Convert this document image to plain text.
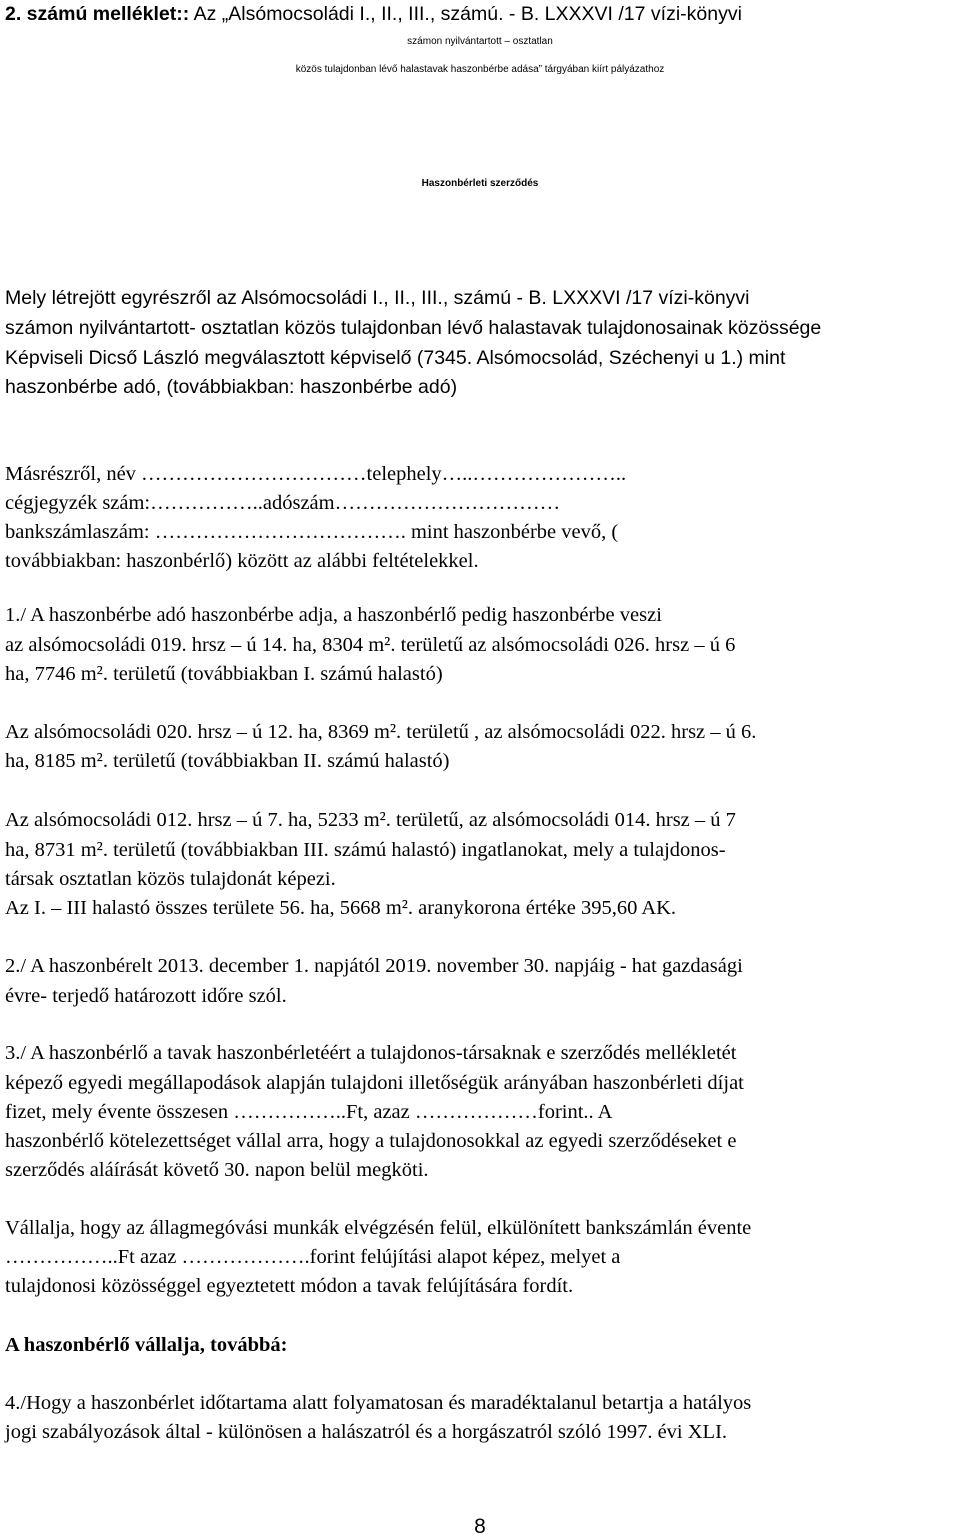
2. számú melléklet:: Az „Alsómocsoládi I., II., III., számú. - B. LXXXVI /17 vízi-könyvi
számon nyilvántartott – osztatlan
közös tulajdonban lévő halastavak haszonbérbe adása” tárgyában kiírt pályázathoz
Haszonbérleti szerződés
Mely létrejött egyrészről az Alsómocsoládi I., II., III., számú - B. LXXXVI /17 vízi-könyvi
számon nyilvántartott- osztatlan közös tulajdonban lévő halastavak tulajdonosainak közössége
Képviseli Dicső László megválasztott képviselő (7345. Alsómocsolád, Széchenyi u 1.) mint
haszonbérbe adó, (továbbiakban: haszonbérbe adó)
Másrészről, név ……………………………telephely…..…………………..
cégjegyzék szám:……………..adószám……………………………
bankszámlaszám: ………………………………. mint haszonbérbe vevő, (
továbbiakban: haszonbérlő) között az alábbi feltételekkel.
1./ A haszonbérbe adó haszonbérbe adja, a haszonbérlő pedig haszonbérbe veszi
az alsómocsoládi 019. hrsz – ú 14. ha, 8304 m². területű az alsómocsoládi 026. hrsz – ú 6
ha, 7746 m². területű (továbbiakban I. számú halastó)
Az alsómocsoládi 020. hrsz – ú 12. ha, 8369 m². területű , az alsómocsoládi 022. hrsz – ú 6.
ha, 8185 m². területű (továbbiakban II. számú halastó)
Az alsómocsoládi 012. hrsz – ú 7. ha, 5233 m². területű, az alsómocsoládi 014. hrsz – ú 7
ha, 8731 m². területű (továbbiakban III. számú halastó) ingatlanokat, mely a tulajdonos-
társak osztatlan közös tulajdonát képezi.
Az I. – III halastó összes területe 56. ha, 5668 m². aranykorona értéke 395,60 AK.
2./ A haszonbérelt 2013. december 1. napjától 2019. november 30. napjáig - hat gazdasági
évre- terjedő határozott időre szól.
3./ A haszonbérlő a tavak haszonbérletéért a tulajdonos-társaknak e szerződés mellékletét
képező egyedi megállapodások alapján tulajdoni illetőségük arányában haszonbérleti díjat
fizet, mely évente összesen ……………..Ft, azaz ………………forint.. A
haszonbérlő kötelezettséget vállal arra, hogy a tulajdonosokkal az egyedi szerződéseket e
szerződés aláírását követő 30. napon belül megköti.
Vállalja, hogy az állagmegóvási munkák elvégzésén felül, elkülönített bankszámlán évente
……………..Ft azaz ……………….forint felújítási alapot képez, melyet a
tulajdonosi közösséggel egyeztetett módon a tavak felújítására fordít.
A haszonbérlő vállalja, továbbá:
4./Hogy a haszonbérlet időtartama alatt folyamatosan és maradéktalanul betartja a hatályos
jogi szabályozások által - különösen a halászatról és a horgászatról szóló 1997. évi XLI.
8
